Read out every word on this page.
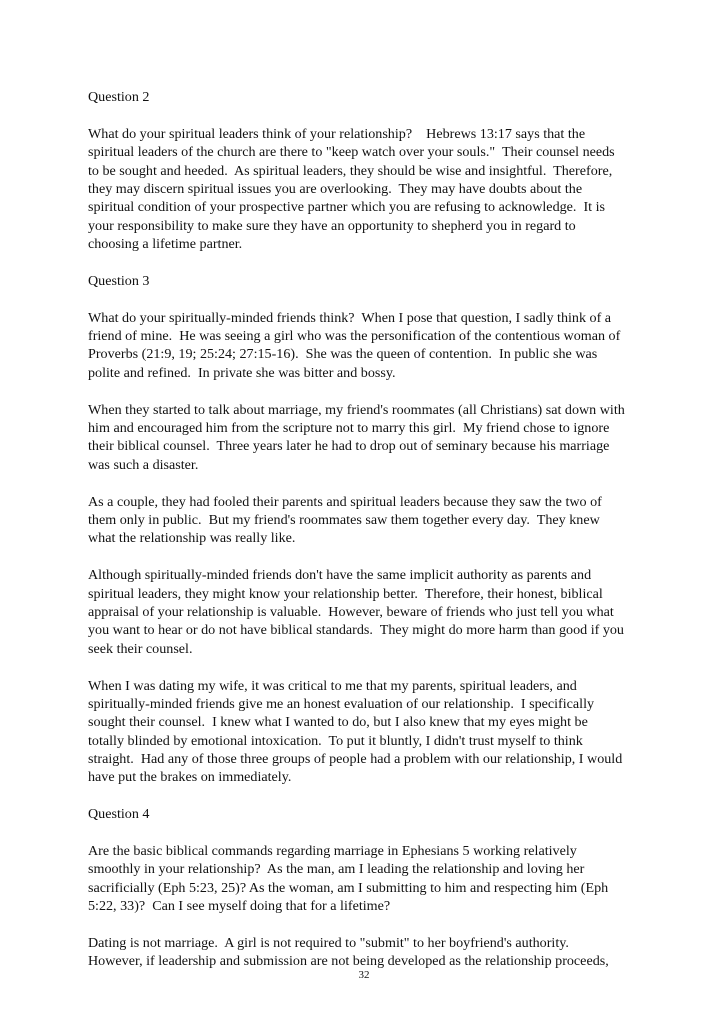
Question 2
What do your spiritual leaders think of your relationship?    Hebrews 13:17 says that the
spiritual leaders of the church are there to "keep watch over your souls."  Their counsel needs
to be sought and heeded.  As spiritual leaders, they should be wise and insightful.  Therefore,
they may discern spiritual issues you are overlooking.  They may have doubts about the
spiritual condition of your prospective partner which you are refusing to acknowledge.  It is
your responsibility to make sure they have an opportunity to shepherd you in regard to
choosing a lifetime partner.
Question 3
What do your spiritually-minded friends think?  When I pose that question, I sadly think of a
friend of mine.  He was seeing a girl who was the personification of the contentious woman of
Proverbs (21:9, 19; 25:24; 27:15-16).  She was the queen of contention.  In public she was
polite and refined.  In private she was bitter and bossy.
When they started to talk about marriage, my friend's roommates (all Christians) sat down with
him and encouraged him from the scripture not to marry this girl.  My friend chose to ignore
their biblical counsel.  Three years later he had to drop out of seminary because his marriage
was such a disaster.
As a couple, they had fooled their parents and spiritual leaders because they saw the two of
them only in public.  But my friend's roommates saw them together every day.  They knew
what the relationship was really like.
Although spiritually-minded friends don't have the same implicit authority as parents and
spiritual leaders, they might know your relationship better.  Therefore, their honest, biblical
appraisal of your relationship is valuable.  However, beware of friends who just tell you what
you want to hear or do not have biblical standards.  They might do more harm than good if you
seek their counsel.
When I was dating my wife, it was critical to me that my parents, spiritual leaders, and
spiritually-minded friends give me an honest evaluation of our relationship.  I specifically
sought their counsel.  I knew what I wanted to do, but I also knew that my eyes might be
totally blinded by emotional intoxication.  To put it bluntly, I didn't trust myself to think
straight.  Had any of those three groups of people had a problem with our relationship, I would
have put the brakes on immediately.
Question 4
Are the basic biblical commands regarding marriage in Ephesians 5 working relatively
smoothly in your relationship?  As the man, am I leading the relationship and loving her
sacrificially (Eph 5:23, 25)? As the woman, am I submitting to him and respecting him (Eph
5:22, 33)?  Can I see myself doing that for a lifetime?
Dating is not marriage.  A girl is not required to "submit" to her boyfriend's authority.
However, if leadership and submission are not being developed as the relationship proceeds,
32
